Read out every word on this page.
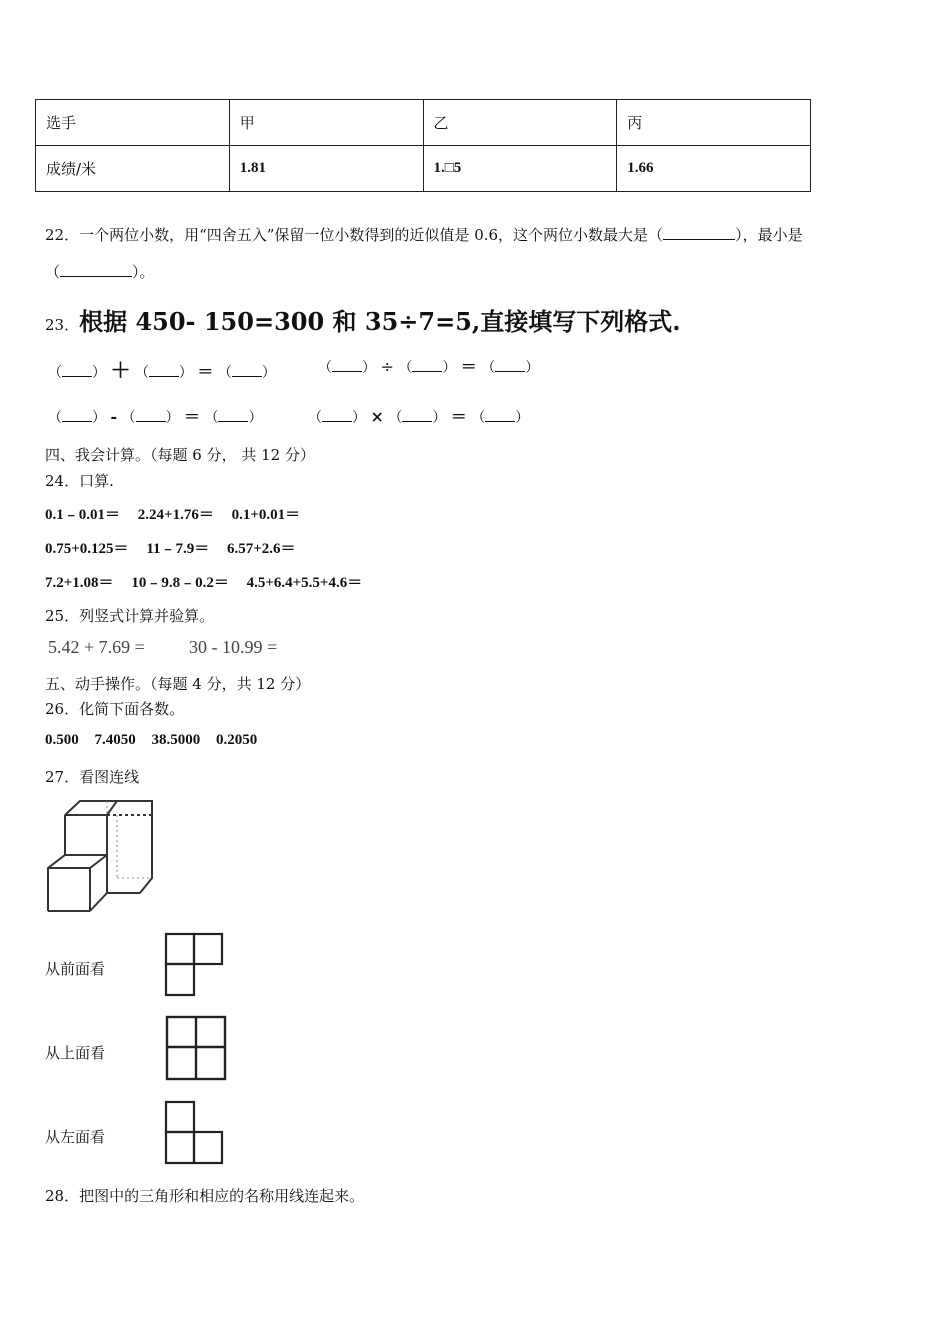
选手	甲	乙	丙
成绩/米	1.81	1.□5	1.66
22．一个两位小数，用“四舍五入”保留一位小数得到的近似值是 0.6，这个两位小数最大是（	），最小是
（	）。
23．根据 450- 150=300 和 35÷7=5,直接填写下列格式.
（ ） ＋ （ ） ＝ （ ）	（ ） ÷ （ ） ＝ （ ）
（ ） - （ ） ＝ （ ）	（ ） × （ ） ＝ （ ）
四、我会计算。（每题 6 分， 共 12 分）
24．口算.
0.1﹣0.01＝ 2.24+1.76＝ 0.1+0.01＝
0.75+0.125＝ 11﹣7.9＝ 6.57+2.6＝
7.2+1.08＝ 10﹣9.8﹣0.2＝ 4.5+6.4+5.5+4.6＝
25．列竖式计算并验算。
5.42 + 7.69 = 30 - 10.99 =
五、动手操作。（每题 4 分，共 12 分）
26．化简下面各数。
0.500 7.4050 38.5000 0.2050
27．看图连线
从前面看
从上面看
从左面看
28．把图中的三角形和相应的名称用线连起来。
